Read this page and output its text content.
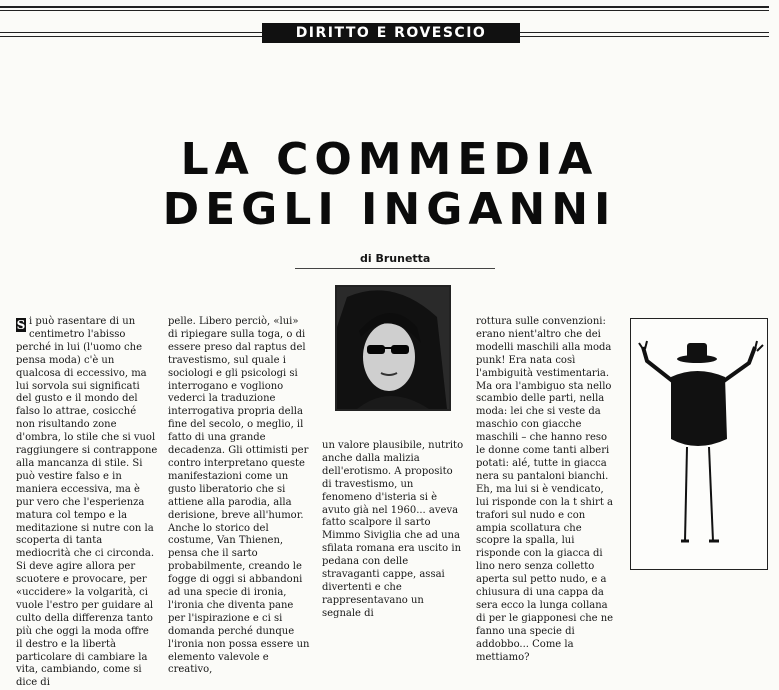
DIRITTO E ROVESCIO
LA COMMEDIA
DEGLI INGANNI
di Brunetta

S i può rasentare di un centimetro l'abisso perché in lui (l'uomo che pensa moda) c'è un qualcosa di eccessivo, ma lui sorvola sui significati del gusto e il mondo del falso lo attrae, cosicché non risultando zone d'ombra, lo stile che si vuol raggiungere si contrappone alla mancanza di stile. Si può vestire falso e in maniera eccessiva, ma è pur vero che l'esperienza matura col tempo e la meditazione si nutre con la scoperta di tanta mediocrità che ci circonda. Si deve agire allora per scuotere e provocare, per «uccidere» la volgarità, ci vuole l'estro per guidare al culto della differenza tanto più che oggi la moda offre il destro e la libertà particolare di cambiare la vita, cambiando, come si dice di

pelle. Libero perciò, «lui» di ripiegare sulla toga, o di essere preso dal raptus del travestismo, sul quale i sociologi e gli psicologi si interrogano e vogliono vederci la traduzione interrogativa propria della fine del secolo, o meglio, il fatto di una grande decadenza. Gli ottimisti per contro interpretano queste manifestazioni come un gusto liberatorio che si attiene alla parodia, alla derisione, breve all'humor. Anche lo storico del costume, Van Thienen, pensa che il sarto probabilmente, creando le fogge di oggi si abbandoni ad una specie di ironia, l'ironia che diventa pane per l'ispirazione e ci si domanda perché dunque l'ironia non possa essere un elemento valevole e creativo,

un valore plausibile, nutrito anche dalla malizia dell'erotismo. A proposito di travestismo, un fenomeno d'isteria si è avuto già nel 1960... aveva fatto scalpore il sarto Mimmo Siviglia che ad una sfilata romana era uscito in pedana con delle stravaganti cappe, assai divertenti e che rappresentavano un segnale di

rottura sulle convenzioni: erano nient'altro che dei modelli maschili alla moda punk! Era nata così l'ambiguità vestimentaria. Ma ora l'ambiguo sta nello scambio delle parti, nella moda: lei che si veste da maschio con giacche maschili – che hanno reso le donne come tanti alberi potati: alé, tutte in giacca nera su pantaloni bianchi. Eh, ma lui si è vendicato, lui risponde con la t shirt a trafori sul nudo e con ampia scollatura che scopre la spalla, lui risponde con la giacca di lino nero senza colletto aperta sul petto nudo, e a chiusura di una cappa da sera ecco la lunga collana di per le giapponesi che ne fanno una specie di addobbo... Come la mettiamo?
